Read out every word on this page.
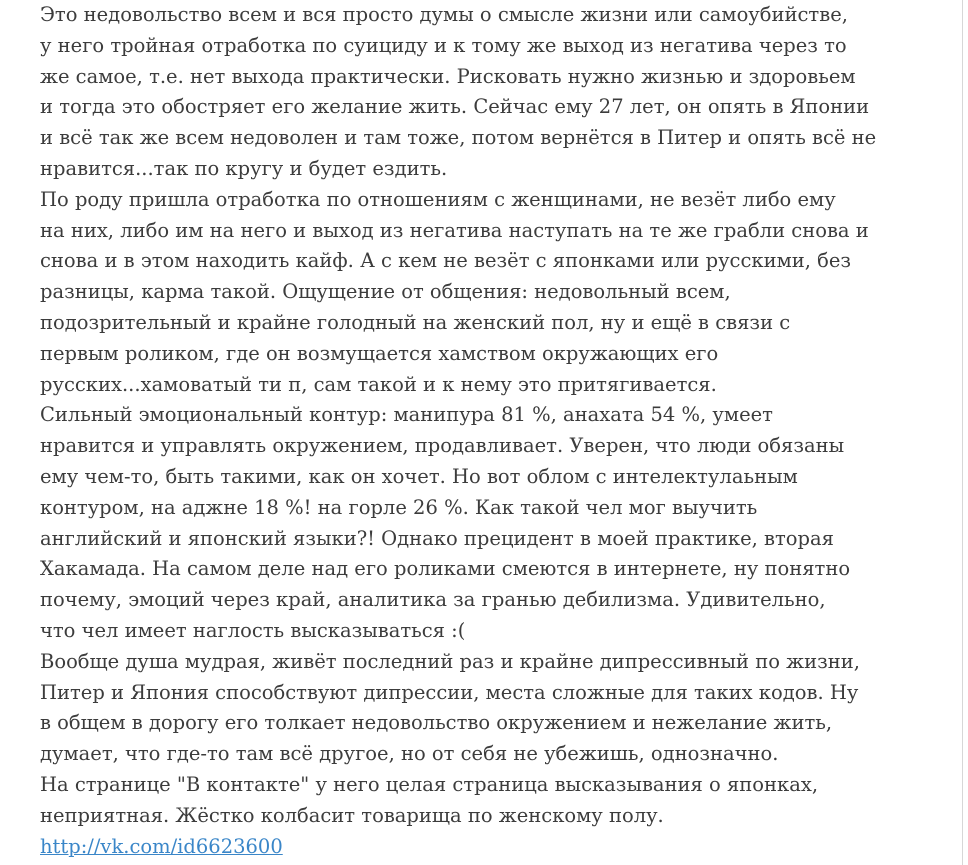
Это недовольство всем и вся просто думы о смысле жизни или самоубийстве,
у него тройная отработка по суициду и к тому же выход из негатива через то
же самое, т.е. нет выхода практически. Рисковать нужно жизнью и здоровьем
и тогда это обостряет его желание жить. Сейчас ему 27 лет, он опять в Японии
и всё так же всем недоволен и там тоже, потом вернётся в Питер и опять всё не
нравится...так по кругу и будет ездить.
По роду пришла отработка по отношениям с женщинами, не везёт либо ему
на них, либо им на него и выход из негатива наступать на те же грабли снова и
снова и в этом находить кайф. А с кем не везёт с японками или русскими, без
разницы, карма такой. Ощущение от общения: недовольный всем,
подозрительный и крайне голодный на женский пол, ну и ещё в связи с
первым роликом, где он возмущается хамством окружающих его
русских...хамоватый ти п, сам такой и к нему это притягивается.
Сильный эмоциональный контур: манипура 81 %, анахата 54 %, умеет
нравится и управлять окружением, продавливает. Уверен, что люди обязаны
ему чем-то, быть такими, как он хочет. Но вот облом с интелектулаьным
контуром, на аджне 18 %! на горле 26 %. Как такой чел мог выучить
английский и японский языки?! Однако прецидент в моей практике, вторая
Хакамада. На самом деле над его роликами смеются в интернете, ну понятно
почему, эмоций через край, аналитика за гранью дебилизма. Удивительно,
что чел имеет наглость высказываться :(
Вообще душа мудрая, живёт последний раз и крайне дипрессивный по жизни,
Питер и Япония способствуют дипрессии, места сложные для таких кодов. Ну
в общем в дорогу его толкает недовольство окружением и нежелание жить,
думает, что где-то там всё другое, но от себя не убежишь, однозначно.
На странице "В контакте" у него целая страница высказывания о японках,
неприятная. Жёстко колбасит товарища по женскому полу.
http://vk.com/id6623600
